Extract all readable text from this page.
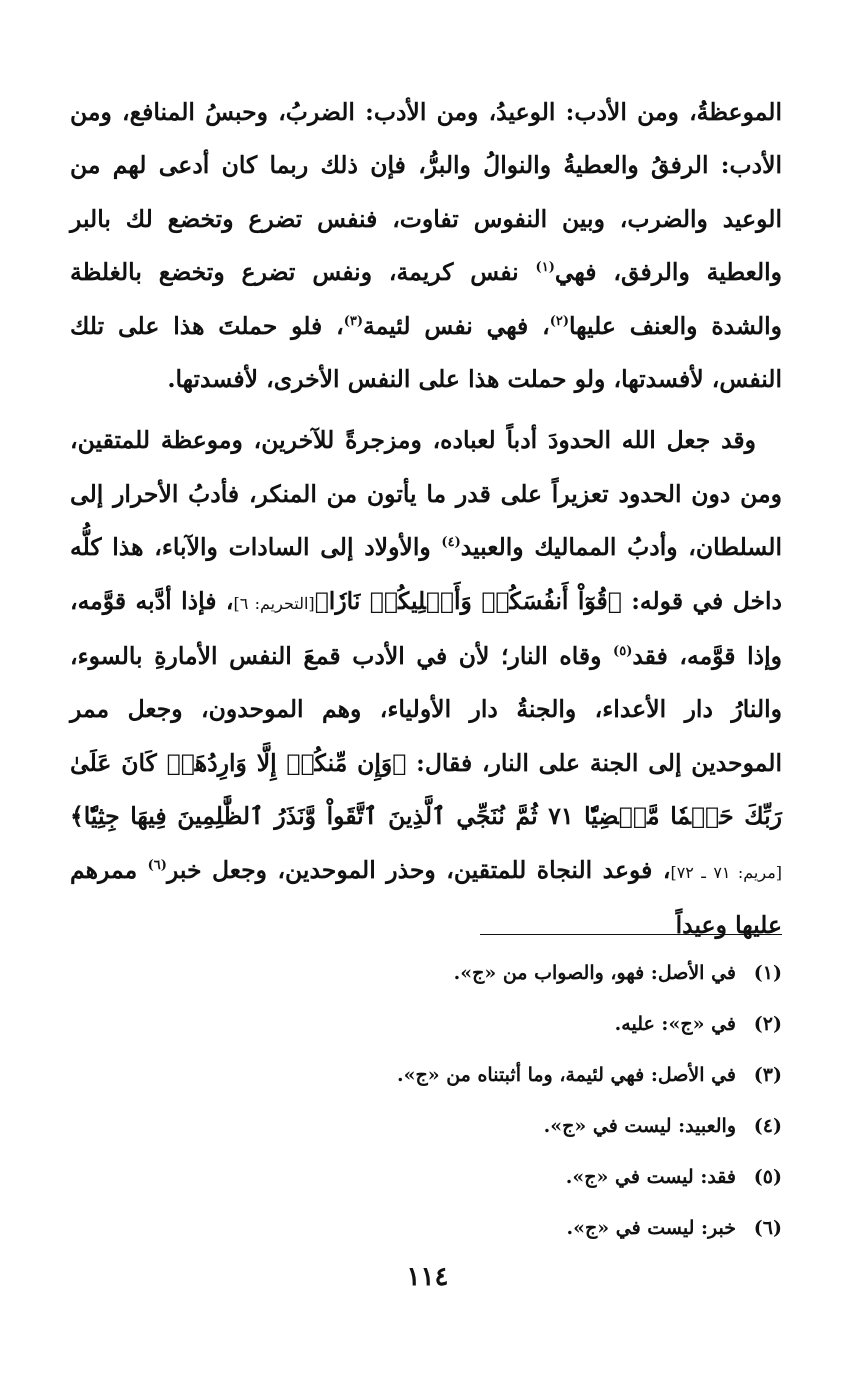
الموعظةُ، ومن الأدب: الوعيدُ، ومن الأدب: الضربُ، وحبسُ المنافع، ومن الأدب: الرفقُ والعطيةُ والنوالُ والبرُّ، فإن ذلك ربما كان أدعى لهم من الوعيد والضرب، وبين النفوس تفاوت، فنفس تضرع وتخضع لك بالبر والعطية والرفق، فهي$^{(١)}$ نفس كريمة، ونفس تضرع وتخضع بالغلظة والشدة والعنف عليها$^{(٢)}$، فهي نفس لئيمة$^{(٣)}$، فلو حملتَ هذا على تلك النفس، لأفسدتها، ولو حملت هذا على النفس الأخرى، لأفسدتها.

وقد جعل الله الحدودَ أدباً لعباده، ومزجرةً للآخرين، وموعظة للمتقين، ومن دون الحدود تعزيراً على قدر ما يأتون من المنكر، فأدبُ الأحرار إلى السلطان، وأدبُ المماليك والعبيد$^{(٤)}$ والأولاد إلى السادات والآباء، هذا كلُّه داخل في قوله: ﴿قُوٓاْ أَنفُسَكُمۡ وَأَهۡلِيكُمۡ نَارٗا﴾[التحريم: ٦]، فإذا أدَّبه قوَّمه، وإذا قوَّمه، فقد$^{(٥)}$ وقاه النار؛ لأن في الأدب قمعَ النفس الأمارةِ بالسوء، والنارُ دار الأعداء، والجنةُ دار الأولياء، وهم الموحدون، وجعل ممر الموحدين إلى الجنة على النار، فقال: ﴿وَإِن مِّنكُمۡ إِلَّا وَارِدُهَاۚ كَانَ عَلَىٰ رَبِّكَ حَتۡمٗا مَّقۡضِيّٗا ٧١ ثُمَّ نُنَجِّي ٱلَّذِينَ ٱتَّقَواْ وَّنَذَرُ ٱلظَّٰلِمِينَ فِيهَا جِثِيّٗا﴾[مريم: ٧١ ـ ٧٢]، فوعد النجاة للمتقين، وحذر الموحدين، وجعل خبر$^{(٦)}$ ممرهم عليها وعيداً

(١)في الأصل: فهو، والصواب من «ج».
(٢)في «ج»: عليه.
(٣)في الأصل: فهي لئيمة، وما أثبتناه من «ج».
(٤)والعبيد: ليست في «ج».
(٥)فقد: ليست في «ج».
(٦)خبر: ليست في «ج».
١١٤
